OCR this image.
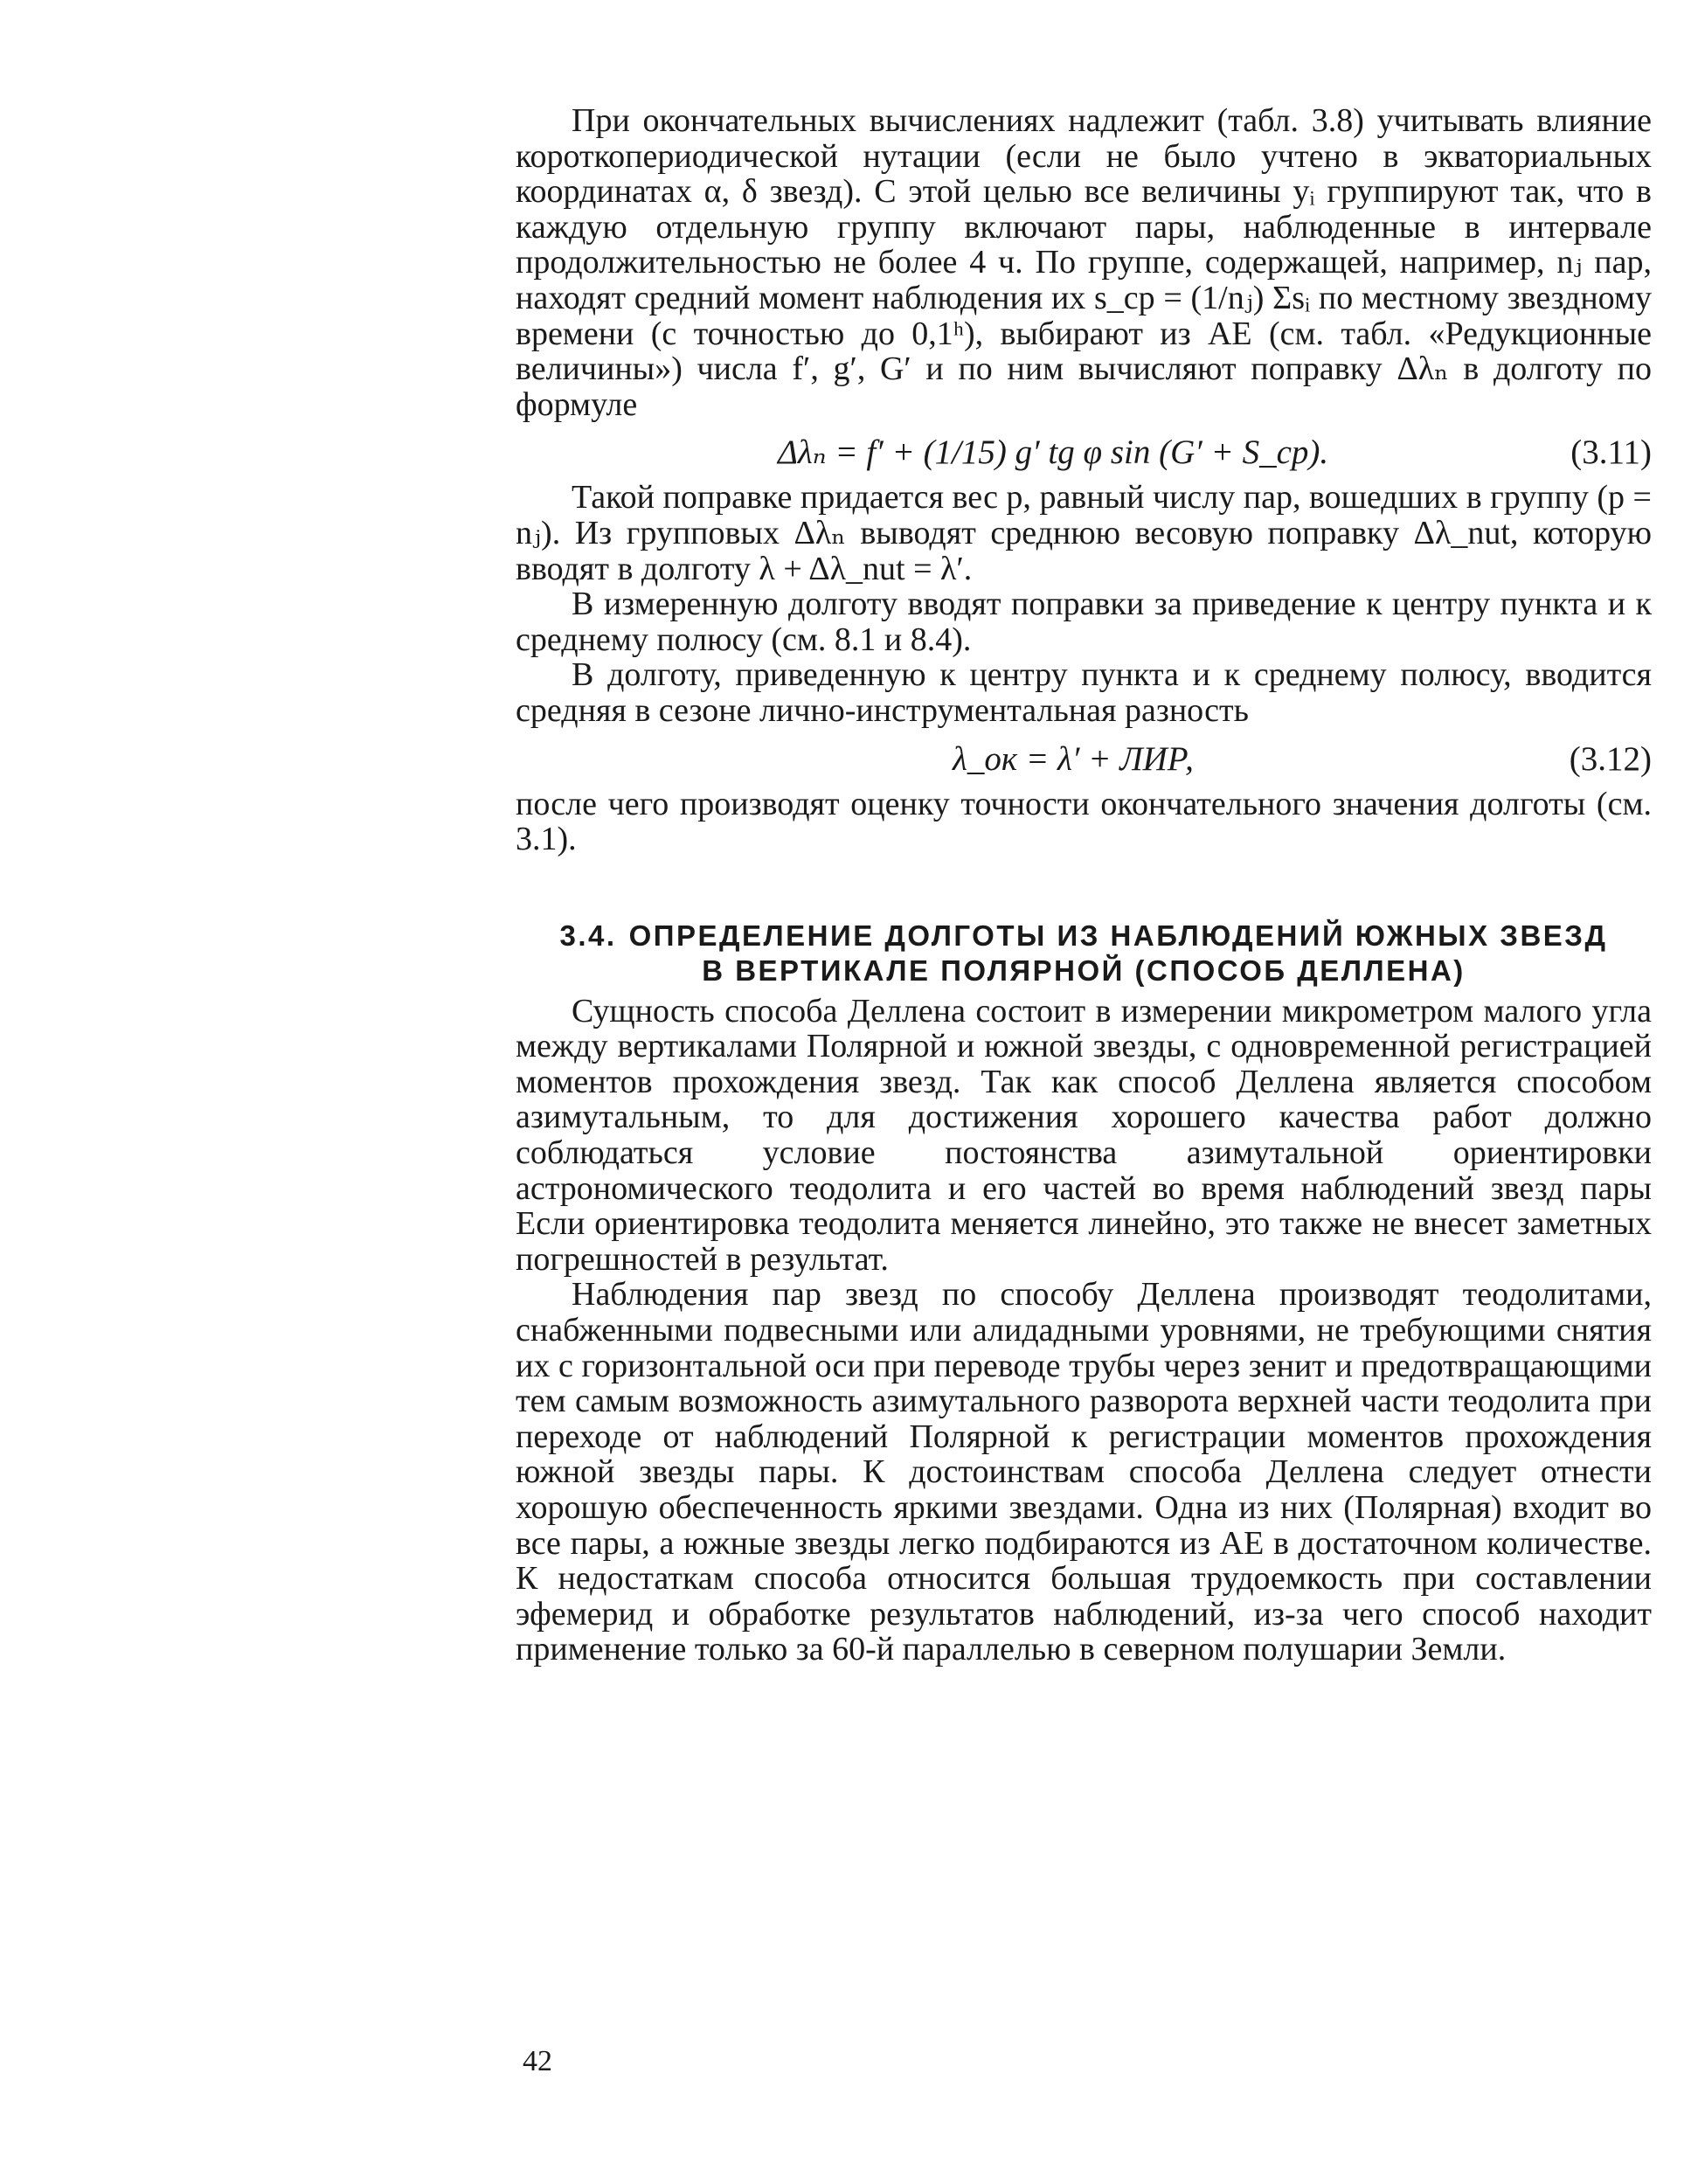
При окончательных вычислениях надлежит (табл. 3.8) учитывать влияние короткопериодической нутации (если не было учтено в экваториальных координатах α, δ звезд). С этой целью все величины yᵢ группируют так, что в каждую отдельную группу включают пары, наблюденные в интервале продолжительностью не более 4 ч. По группе, содержащей, например, nⱼ пар, находят средний момент наблюдения их s_ср = (1/nⱼ) Σsᵢ по местному звездному времени (с точностью до 0,1ʰ), выбирают из АЕ (см. табл. «Редукционные величины») числа f′, g′, G′ и по ним вычисляют поправку Δλₙ в долготу по формуле

Δλₙ = f′ + (1/15) g′ tg φ sin (G′ + S_ср).	(3.11)

Такой поправке придается вес p, равный числу пар, вошедших в группу (p = nⱼ). Из групповых Δλₙ выводят среднюю весовую поправку Δλ_nut, которую вводят в долготу λ + Δλ_nut = λ′.

В измеренную долготу вводят поправки за приведение к центру пункта и к среднему полюсу (см. 8.1 и 8.4).

В долготу, приведенную к центру пункта и к среднему полюсу, вводится средняя в сезоне лично-инструментальная разность

λ_ок = λ′ + ЛИР,	(3.12)

после чего производят оценку точности окончательного значения долготы (см. 3.1).

3.4. ОПРЕДЕЛЕНИЕ ДОЛГОТЫ ИЗ НАБЛЮДЕНИЙ ЮЖНЫХ ЗВЕЗД
В ВЕРТИКАЛЕ ПОЛЯРНОЙ (СПОСОБ ДЕЛЛЕНА)

Сущность способа Деллена состоит в измерении микрометром малого угла между вертикалами Полярной и южной звезды, с одновременной регистрацией моментов прохождения звезд. Так как способ Деллена является способом азимутальным, то для достижения хорошего качества работ должно соблюдаться условие постоянства азимутальной ориентировки астрономического теодолита и его частей во время наблюдений звезд пары Если ориентировка теодолита меняется линейно, это также не внесет заметных погрешностей в результат.

Наблюдения пар звезд по способу Деллена производят теодолитами, снабженными подвесными или алидадными уровнями, не требующими снятия их с горизонтальной оси при переводе трубы через зенит и предотвращающими тем самым возможность азимутального разворота верхней части теодолита при переходе от наблюдений Полярной к регистрации моментов прохождения южной звезды пары. К достоинствам способа Деллена следует отнести хорошую обеспеченность яркими звездами. Одна из них (Полярная) входит во все пары, а южные звезды легко подбираются из АЕ в достаточном количестве. К недостаткам способа относится большая трудоемкость при составлении эфемерид и обработке результатов наблюдений, из-за чего способ находит применение только за 60-й параллелью в северном полушарии Земли.

42
